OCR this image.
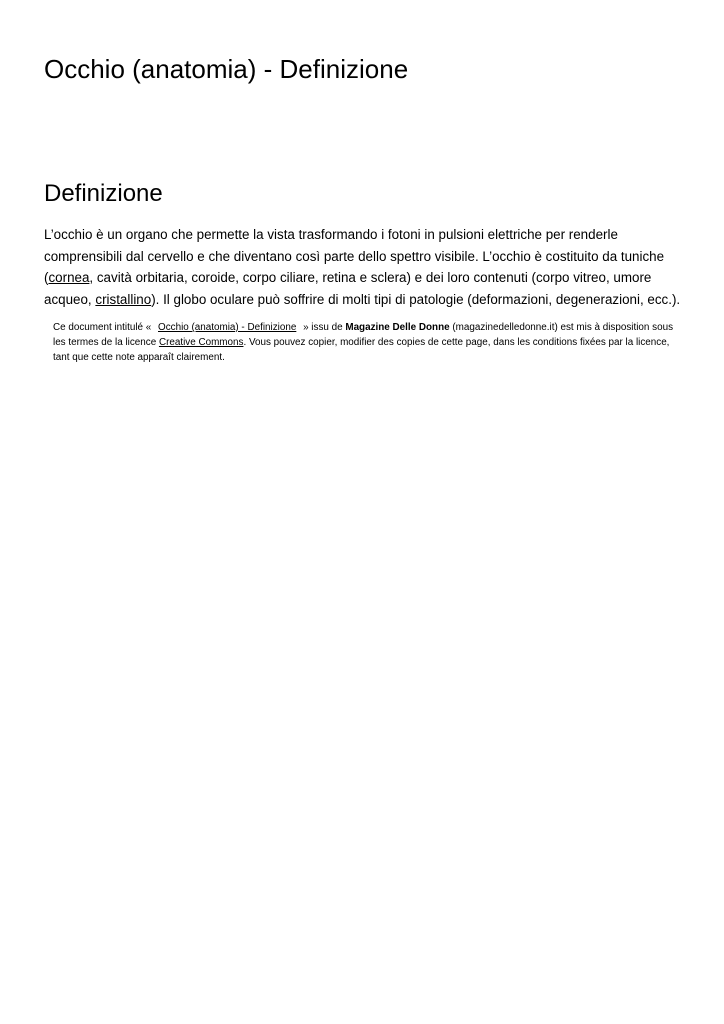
Occhio (anatomia) - Definizione
Definizione

L’occhio è un organo che permette la vista trasformando i fotoni in pulsioni elettriche per renderle comprensibili dal cervello e che diventano così parte dello spettro visibile. L’occhio è costituito da tuniche (cornea, cavità orbitaria, coroide, corpo ciliare, retina e sclera) e dei loro contenuti (corpo vitreo, umore acqueo, cristallino). Il globo oculare può soffrire di molti tipi di patologie (deformazioni, degenerazioni, ecc.).

Ce document intitulé « Occhio (anatomia) - Definizione » issu de Magazine Delle Donne (magazinedelledonne.it) est mis à disposition sous les termes de la licence Creative Commons. Vous pouvez copier, modifier des copies de cette page, dans les conditions fixées par la licence, tant que cette note apparaît clairement.
